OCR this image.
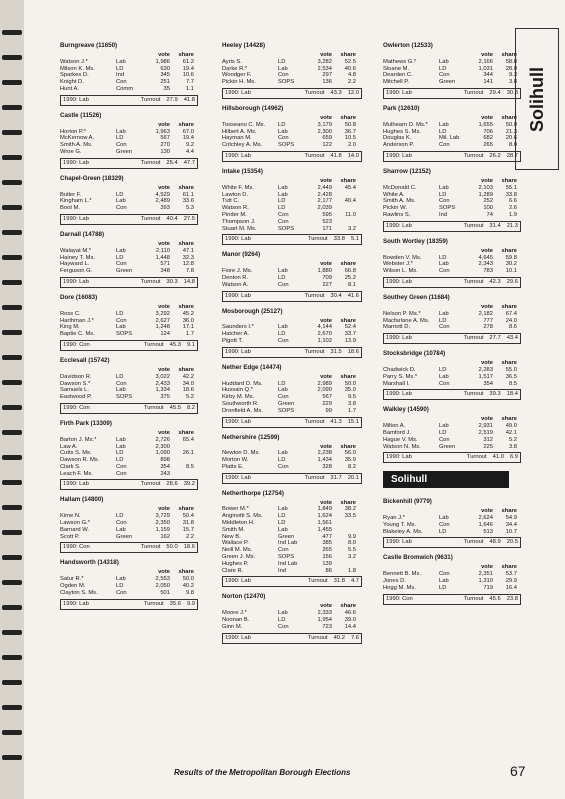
Burngreave (11650)
vote	share
Watson J.*	Lab	1,986	61.2
Milson K. Ms.	LD	630	19.4
Sparkes D.	Ind	345	10.6
Knight D.	Con	251	7.7
Hunt A.	Comm	35	1.1
1990: Lab	Turnout 27.9 41.8
Castle (11526)
vote	share
Horton P.*	Lab	1,963	67.0
McKernow A.	LD	567	19.4
Smith A. Ms.	Con	270	9.2
Wroe G.	Green	130	4.4
1990: Lab	Turnout 25.4 47.7
Chapel-Green (18329)
vote	share
Butler F.	LD	4,529	61.1
Kingham L.*	Lab	2,489	33.6
Boot M.	Con	393	5.3
1990: Lab	Turnout 40.4 27.5
Darnall (14788)
vote	share
Walayat M.*	Lab	2,110	47.1
Hainey T. Ms.	LD	1,448	32.3
Hayward L.	Con	571	12.8
Ferguson G.	Green	348	7.8
1990: Lab	Turnout 30.3 14.8
Dore (16083)
vote	share
Ross C.	LD	3,292	45.2
Harthman J.*	Con	2,627	36.0
King M.	Lab	1,248	17.1
Baptie C. Ms.	SOPS	124	1.7
1990: Con	Turnout 45.3 9.1
Ecclesall (15742)
vote	share
Davidson R.	LD	3,022	42.2
Dawson S.*	Con	2,433	34.0
Samuels L.	Lab	1,334	18.6
Eastwood P.	SOPS	375	5.2
1990: Con	Turnout 45.5 8.2
Firth Park (13309)
vote	share
Barton J. Ms.*	Lab	2,726	65.4
Law A.	Lab	2,300
Cutts S. Ms.	LD	1,090	26.1
Dawson R. Ms.	LD	898
Clark S.	Con	354	8.5
Leach F. Ms.	Con	243
1990: Lab	Turnout 28.6 39.2
Hallam (14800)
vote	share
Kime N.	LD	3,729	50.4
Lawson G.*	Con	2,350	31.8
Barnard W.	Lab	1,159	15.7
Scott P.	Green	162	2.2
1990: Con	Turnout 50.0 18.6
Handsworth (14318)
vote	share
Satur R.*	Lab	2,553	50.0
Ogden M.	LD	2,050	40.2
Clayton S. Ms.	Con	501	9.8
1990: Lab	Turnout 35.6 9.9
Heeley (14428)
vote	share
Ayris S.	LD	3,282	52.5
Darke R.*	Lab	2,534	40.6
Woodger F.	Con	297	4.8
Pickin H. Ms.	SOPS	136	2.2
1990: Lab	Turnout 43.3 12.0
Hillsborough (14962)
vote	share
Tosseano C. Ms.	LD	3,179	50.8
Hilbert A. Ms.	Lab	2,300	36.7
Hayman M.	Con	659	10.5
Critchley A. Ms.	SOPS	122	2.0
1990: Lab	Turnout 41.8 14.0
Intake (15354)
vote	share
White F. Ms.	Lab	2,449	45.4
Lawton D.	Lab	2,428
Tutt C.	LD	2,177	40.4
Watson R.	LD	2,039
Pinder M.	Con	595	11.0
Thompson J.	Con	523
Stuart M. Ms.	SOPS	171	3.2
1990: Lab	Turnout 33.8 5.1
Manor (9264)
vote	share
Fiore J. Ms.	Lab	1,880	66.8
Denton R.	LD	709	25.2
Watson A.	Con	227	8.1
1990: Lab	Turnout 30.4 41.6
Mosborough (25127)
vote	share
Saunders I.*	Lab	4,144	52.4
Hatcher A.	LD	2,670	33.7
Pigott T.	Con	1,102	13.9
1990: Lab	Turnout 31.5 18.6
Nether Edge (14474)
vote	share
Huddard D. Ms.	LD	2,989	50.0
Hussain Q.*	Lab	2,090	35.0
Kirby M. Ms.	Con	567	9.5
Southworth R.	Green	229	3.8
Dronfield A. Ms.	SOPS	99	1.7
1990: Lab	Turnout 41.3 15.1
Nethershire (12599)
vote	share
Newton D. Ms.	Lab	2,238	56.0
Morton W.	LD	1,434	35.9
Platts E.	Con	328	8.2
1990: Lab	Turnout 31.7 20.1
Netherthorpe (12754)
vote	share
Bower M.*	Lab	1,849	38.2
Anginotti S. Ms.	LD	1,624	33.5
Middleton H.	LD	1,561
Smith M.	Lab	1,455
New B.	Green	477	9.9
Wallace P.	Ind Lab	385	8.0
Neill M. Ms.	Con	265	5.5
Green J. Ms.	SOPS	156	3.2
Hughes P.	Ind Lab	139
Clare R.	Ind	86	1.8
1990: Lab	Turnout 31.8 4.7
Norton (12470)
vote	share
Moore J.*	Lab	2,333	46.6
Noonan B.	LD	1,954	39.0
Ginn M.	Con	723	14.4
1990: Lab	Turnout 40.2 7.6
Owlerton (12533)
vote	share
Mathews G.*	Lab	2,166	58.8
Sloane M.	LD	1,031	28.0
Dearden C.	Con	344	9.3
Mitchell P.	Green	141	3.8
1990: Lab	Turnout 29.4 30.8
Park (12610)
vote	share
Mulhearn D. Ms.*	Lab	1,655	50.0
Hughes S. Ms.	LD	706	21.3
Douglas K.	Mil. Lab	682	20.6
Anderson P.	Con	265	8.0
1990: Lab	Turnout 26.2 28.7
Sharrow (12152)
vote	share
McDonald C.	Lab	2,103	55.1
White A.	LD	1,289	33.8
Smith A. Ms.	Con	252	6.6
Pickin W.	SOPS	100	2.6
Rawlins S.	Ind	74	1.9
1990: Lab	Turnout 31.4 21.3
South Wortley (18359)
vote	share
Bowden V. Ms.	LD	4,645	59.8
Webster J.*	Lab	2,343	30.2
Wilson L. Ms.	Con	783	10.1
1990: Lab	Turnout 42.3 29.6
Southey Green (11684)
vote	share
Nelson P. Ms.*	Lab	2,182	67.4
Macfarlane A. Ms.	LD	777	24.0
Marriott D.	Con	278	8.6
1990: Lab	Turnout 27.7 43.4
Stocksbridge (10784)
vote	share
Chadwick D.	LD	2,283	55.0
Parry S. Ms.*	Lab	1,517	36.5
Marshall I.	Con	354	8.5
1990: Lab	Turnout 39.3 18.4
Walkley (14590)
vote	share
Milton A.	Lab	2,931	49.0
Bamford J.	LD	2,519	42.1
Hague V. Ms.	Con	312	5.2
Watson N. Ms.	Green	225	3.8
1990: Lab	Turnout 41.0 6.9
Solihull
Bickenhill (9779)
vote	share
Ryan J.*	Lab	2,624	54.9
Young T. Ms.	Con	1,646	34.4
Blakeley A. Ms.	LD	513	10.7
1990: Lab	Turnout 48.9 20.5
Castle Bromwich (9631)
vote	share
Bennett B. Ms.	Con	2,351	53.7
Jones D.	Lab	1,310	29.9
Hogg M. Ms.	LD	719	16.4
1990: Con	Turnout 45.6 23.8
Solihull
Results of the Metropolitan Borough Elections	67
